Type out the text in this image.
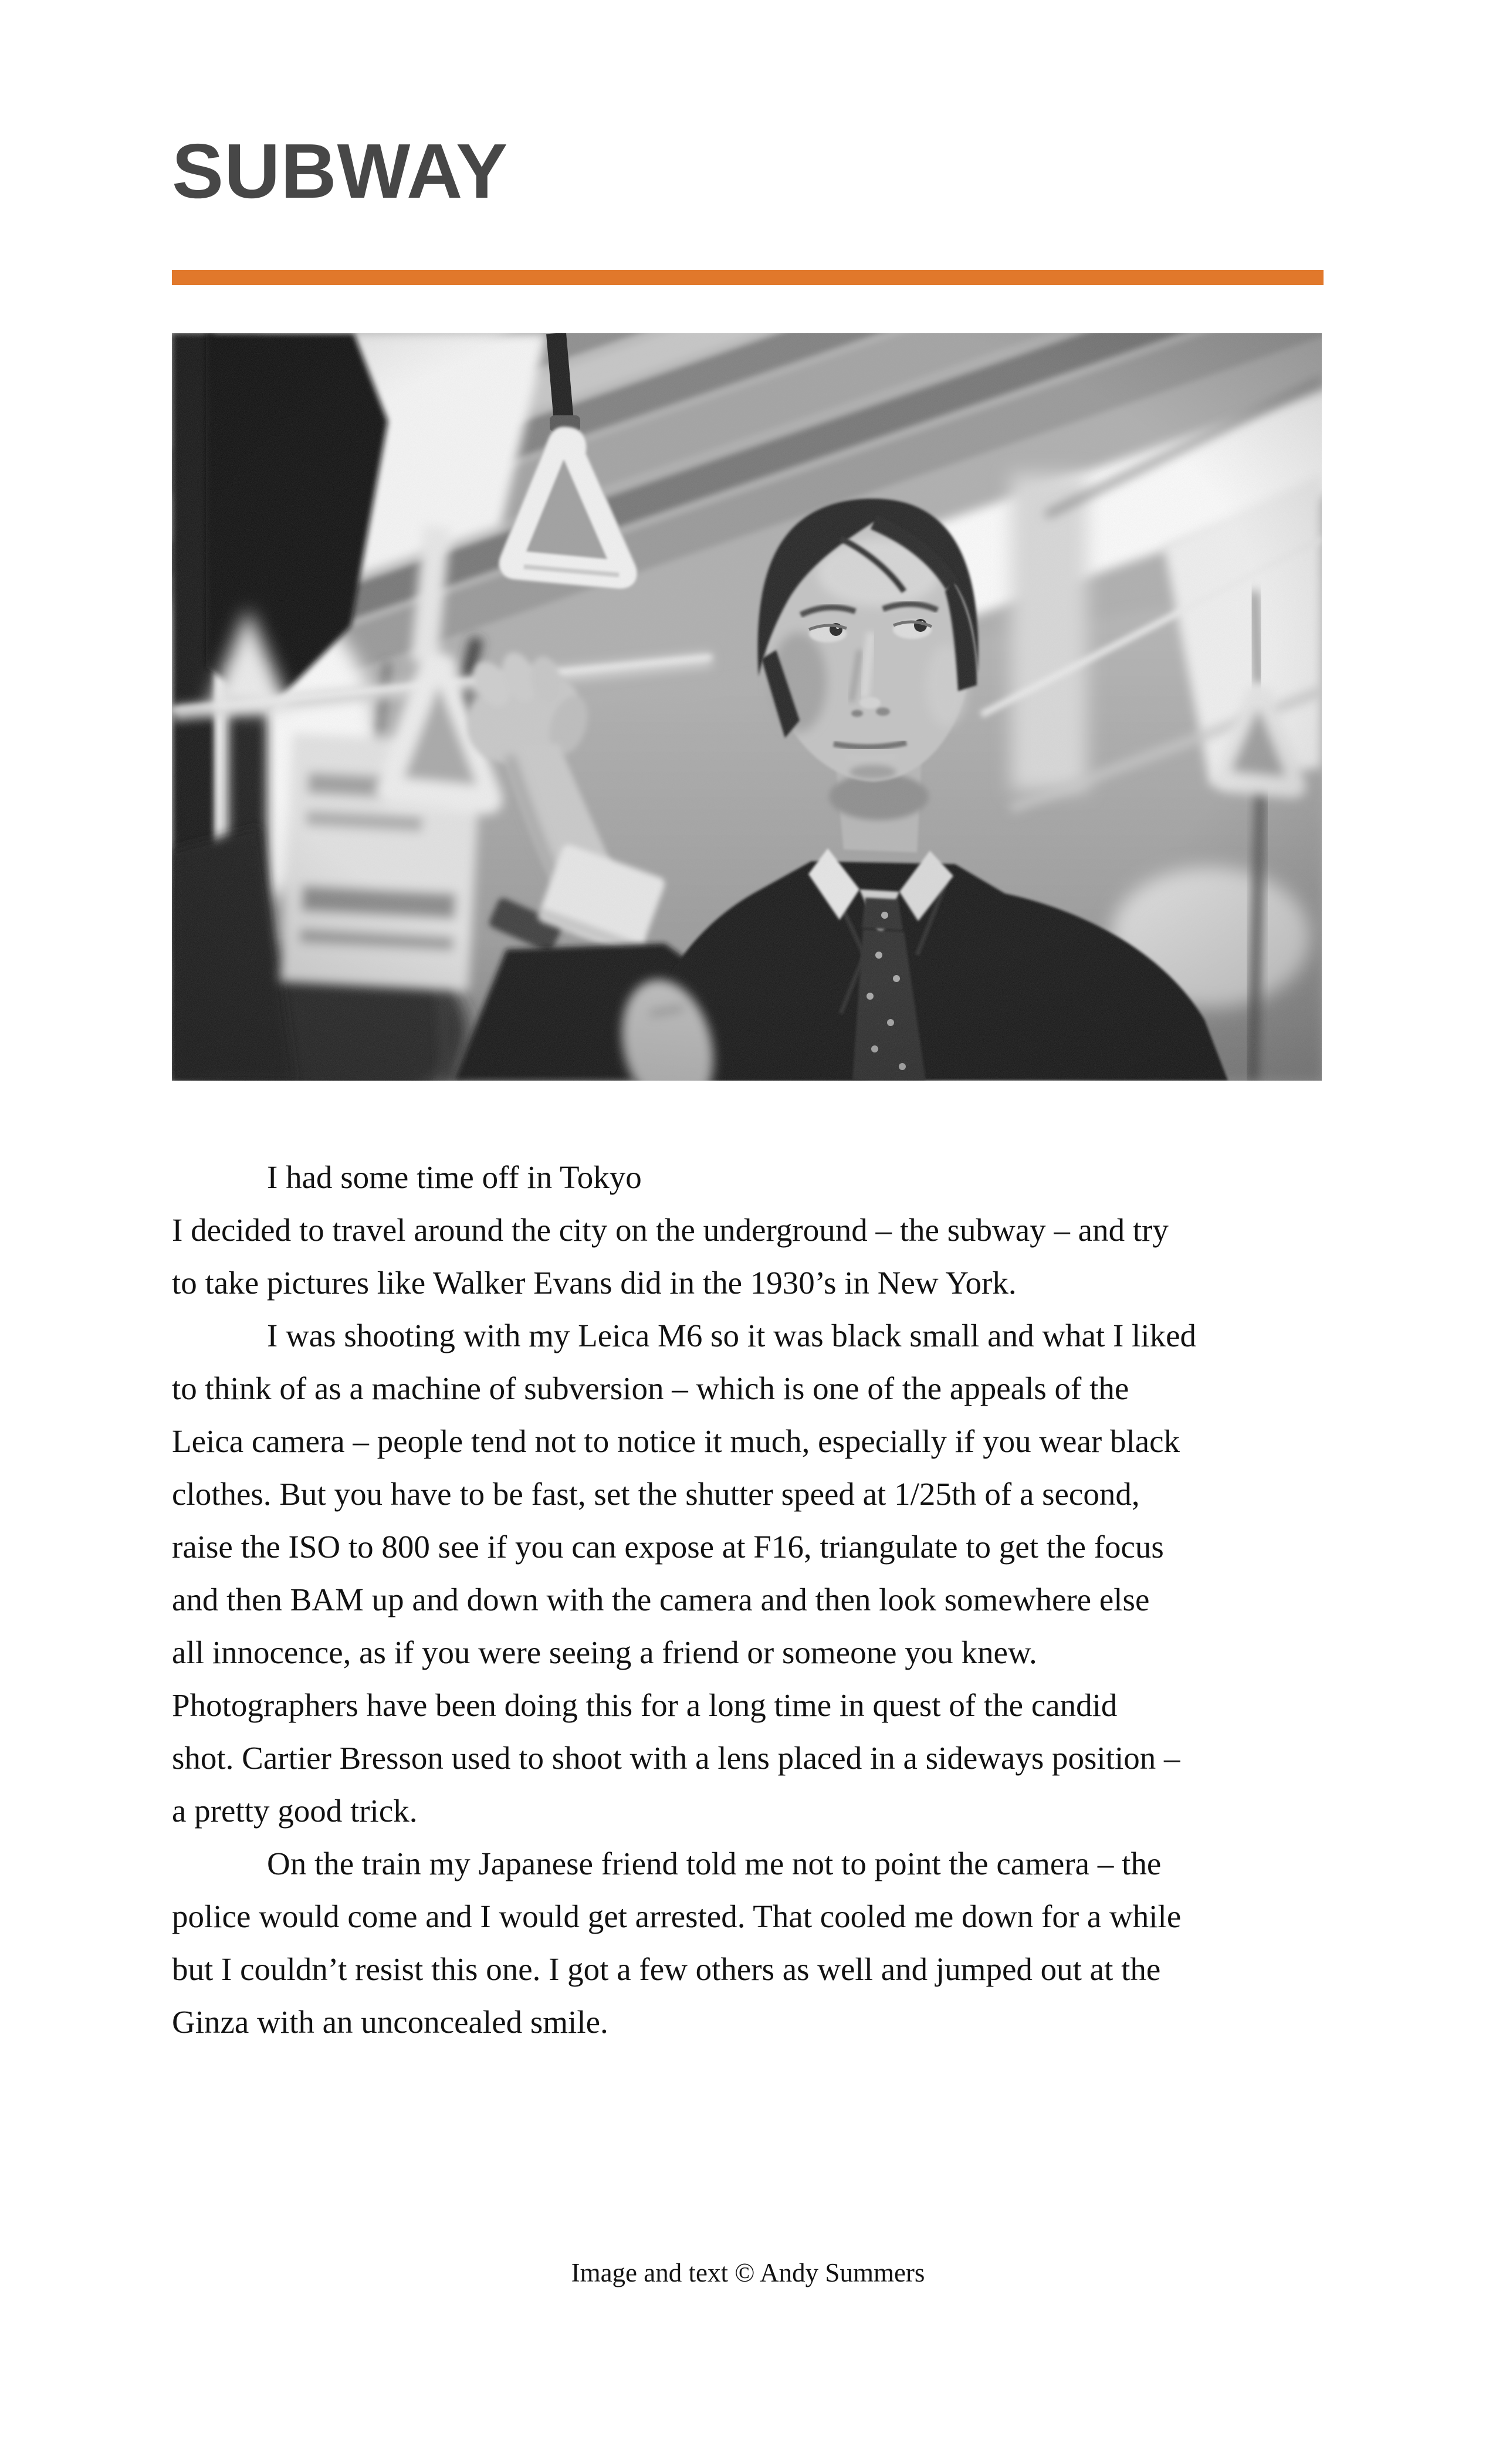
SUBWAY
I had some time off in Tokyo
I decided to travel around the city on the underground – the subway – and try
to take pictures like Walker Evans did in the 1930’s in New York.
I was shooting with my Leica M6 so it was black small and what I liked
to think of as a machine of subversion – which is one of the appeals of the
Leica camera – people tend not to notice it much, especially if you wear black
clothes. But you have to be fast, set the shutter speed at 1/25th of a second,
raise the ISO to 800 see if you can expose at F16, triangulate to get the focus
and then BAM up and down with the camera and then look somewhere else
all innocence, as if you were seeing a friend or someone you knew.
Photographers have been doing this for a long time in quest of the candid
shot. Cartier Bresson used to shoot with a lens placed in a sideways position –
a pretty good trick.
On the train my Japanese friend told me not to point the camera – the
police would come and I would get arrested. That cooled me down for a while
but I couldn’t resist this one. I got a few others as well and jumped out at the
Ginza with an unconcealed smile.
Image and text © Andy Summers
